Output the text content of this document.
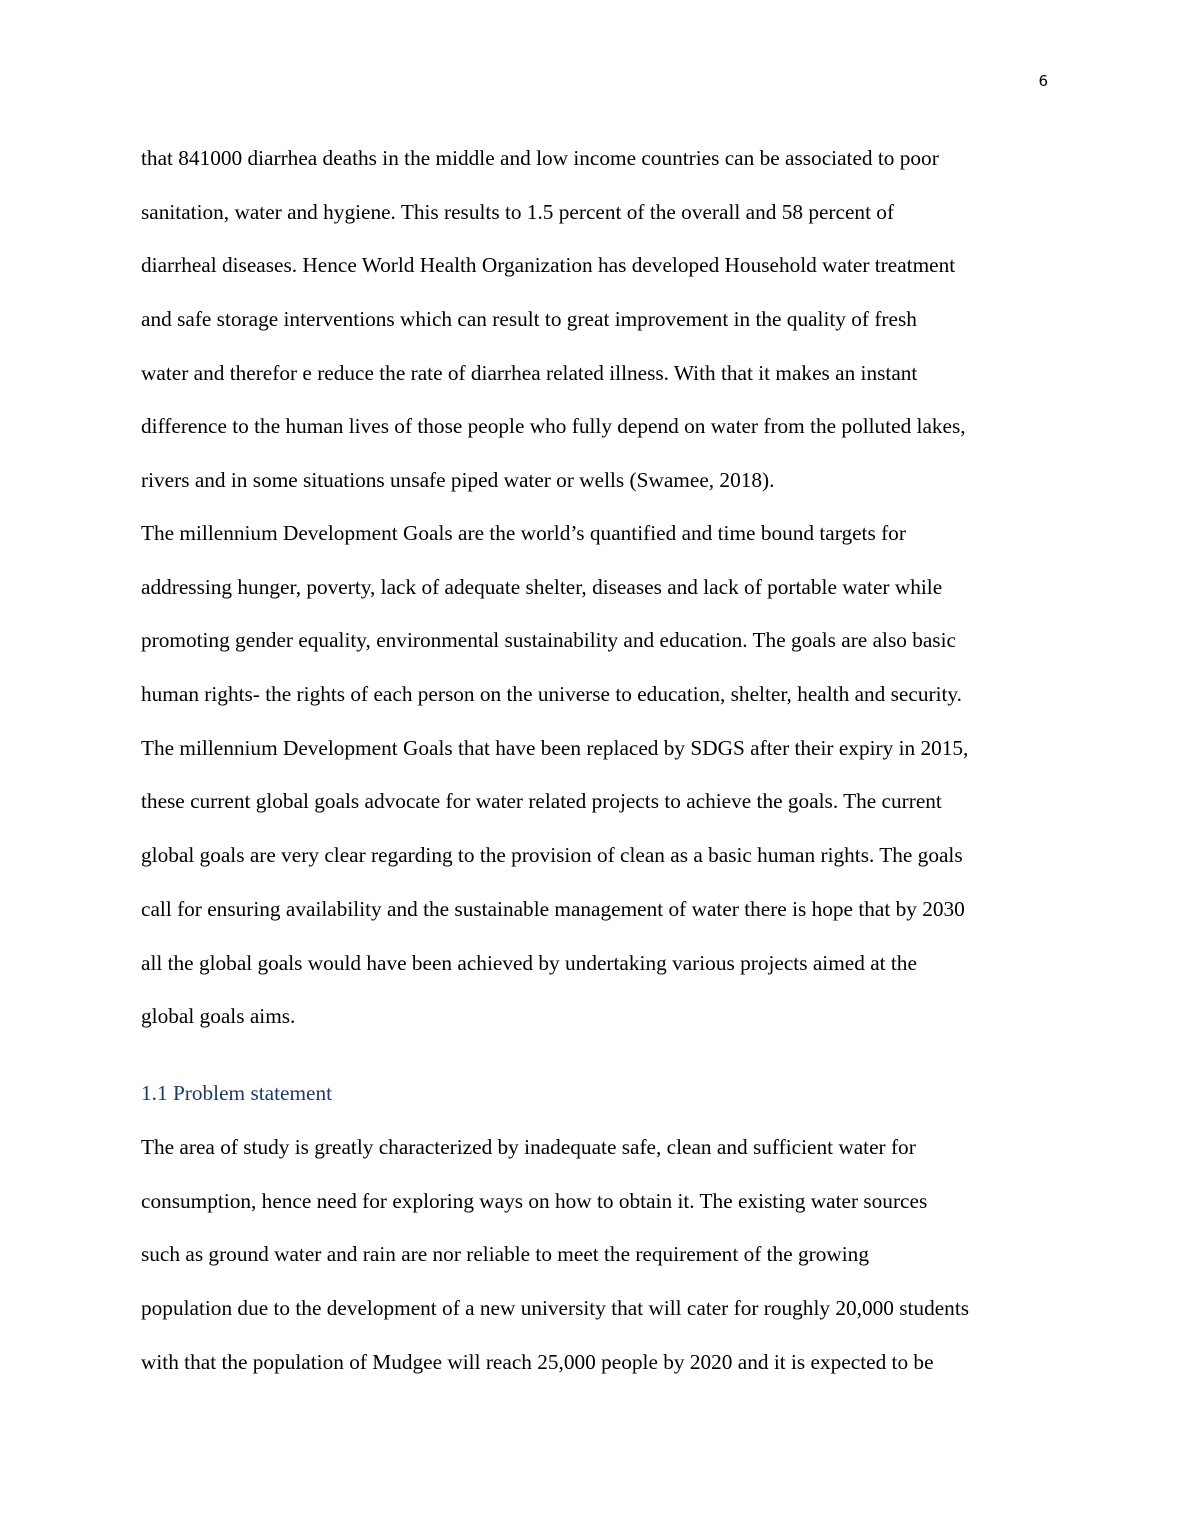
6
that 841000 diarrhea deaths in the middle and low income countries can be associated to poor
sanitation, water and hygiene. This results to 1.5 percent of the overall and 58 percent of
diarrheal diseases. Hence World Health Organization has developed Household water treatment
and safe storage interventions which can result to great improvement in the quality of fresh
water and therefor e reduce the rate of diarrhea related illness. With that it makes an instant
difference to the human lives of those people who fully depend on water from the polluted lakes,
rivers and in some situations unsafe piped water or wells (Swamee, 2018).
The millennium Development Goals are the world’s quantified and time bound targets for
addressing hunger, poverty, lack of adequate shelter, diseases and lack of portable water while
promoting gender equality, environmental sustainability and education. The goals are also basic
human rights- the rights of each person on the universe to education, shelter, health and security.
The millennium Development Goals that have been replaced by SDGS after their expiry in 2015,
these current global goals advocate for water related projects to achieve the goals. The current
global goals are very clear regarding to the provision of clean as a basic human rights. The goals
call for ensuring availability and the sustainable management of water there is hope that by 2030
all the global goals would have been achieved by undertaking various projects aimed at the
global goals aims.
1.1 Problem statement
The area of study is greatly characterized by inadequate safe, clean and sufficient water for
consumption, hence need for exploring ways on how to obtain it. The existing water sources
such as ground water and rain are nor reliable to meet the requirement of the growing
population due to the development of a new university that will cater for roughly 20,000 students
with that the population of Mudgee will reach 25,000 people by 2020 and it is expected to be
